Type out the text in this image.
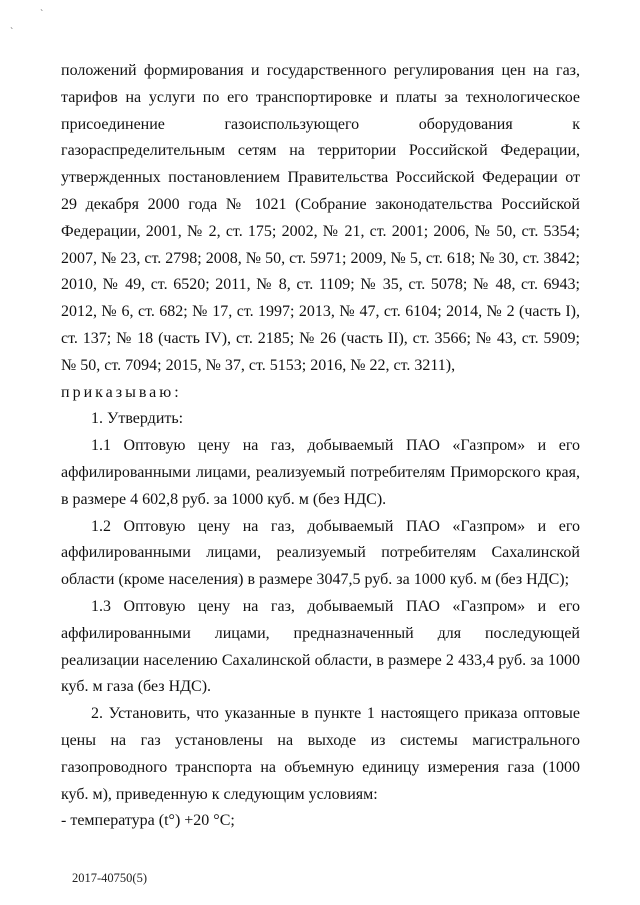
`
`

положений формирования и государственного регулирования цен на газ, тарифов на услуги по его транспортировке и платы за технологическое присоединение газоиспользующего оборудования к газораспределительным сетям на территории Российской Федерации, утвержденных постановлением Правительства Российской Федерации от 29 декабря 2000 года № 1021 (Собрание законодательства Российской Федерации, 2001, № 2, ст. 175; 2002, № 21, ст. 2001; 2006, № 50, ст. 5354; 2007, № 23, ст. 2798; 2008, № 50, ст. 5971; 2009, № 5, ст. 618; № 30, ст. 3842; 2010, № 49, ст. 6520; 2011, № 8, ст. 1109; № 35, ст. 5078; № 48, ст. 6943; 2012, № 6, ст. 682; № 17, ст. 1997; 2013, № 47, ст. 6104; 2014, № 2 (часть I), ст. 137; № 18 (часть IV), ст. 2185; № 26 (часть II), ст. 3566; № 43, ст. 5909; № 50, ст. 7094; 2015, № 37, ст. 5153; 2016, № 22, ст. 3211),

приказываю:

1. Утвердить:

1.1 Оптовую цену на газ, добываемый ПАО «Газпром» и его аффилированными лицами, реализуемый потребителям Приморского края, в размере 4 602,8 руб. за 1000 куб. м (без НДС).

1.2 Оптовую цену на газ, добываемый ПАО «Газпром» и его аффилированными лицами, реализуемый потребителям Сахалинской области (кроме населения) в размере 3047,5 руб. за 1000 куб. м (без НДС);

1.3 Оптовую цену на газ, добываемый ПАО «Газпром» и его аффилированными лицами, предназначенный для последующей реализации населению Сахалинской области, в размере 2 433,4 руб. за 1000 куб. м газа (без НДС).

2. Установить, что указанные в пункте 1 настоящего приказа оптовые цены на газ установлены на выходе из системы магистрального газопроводного транспорта на объемную единицу измерения газа (1000 куб. м), приведенную к следующим условиям:

- температура (t°) +20 °С;

2017-40750(5)
